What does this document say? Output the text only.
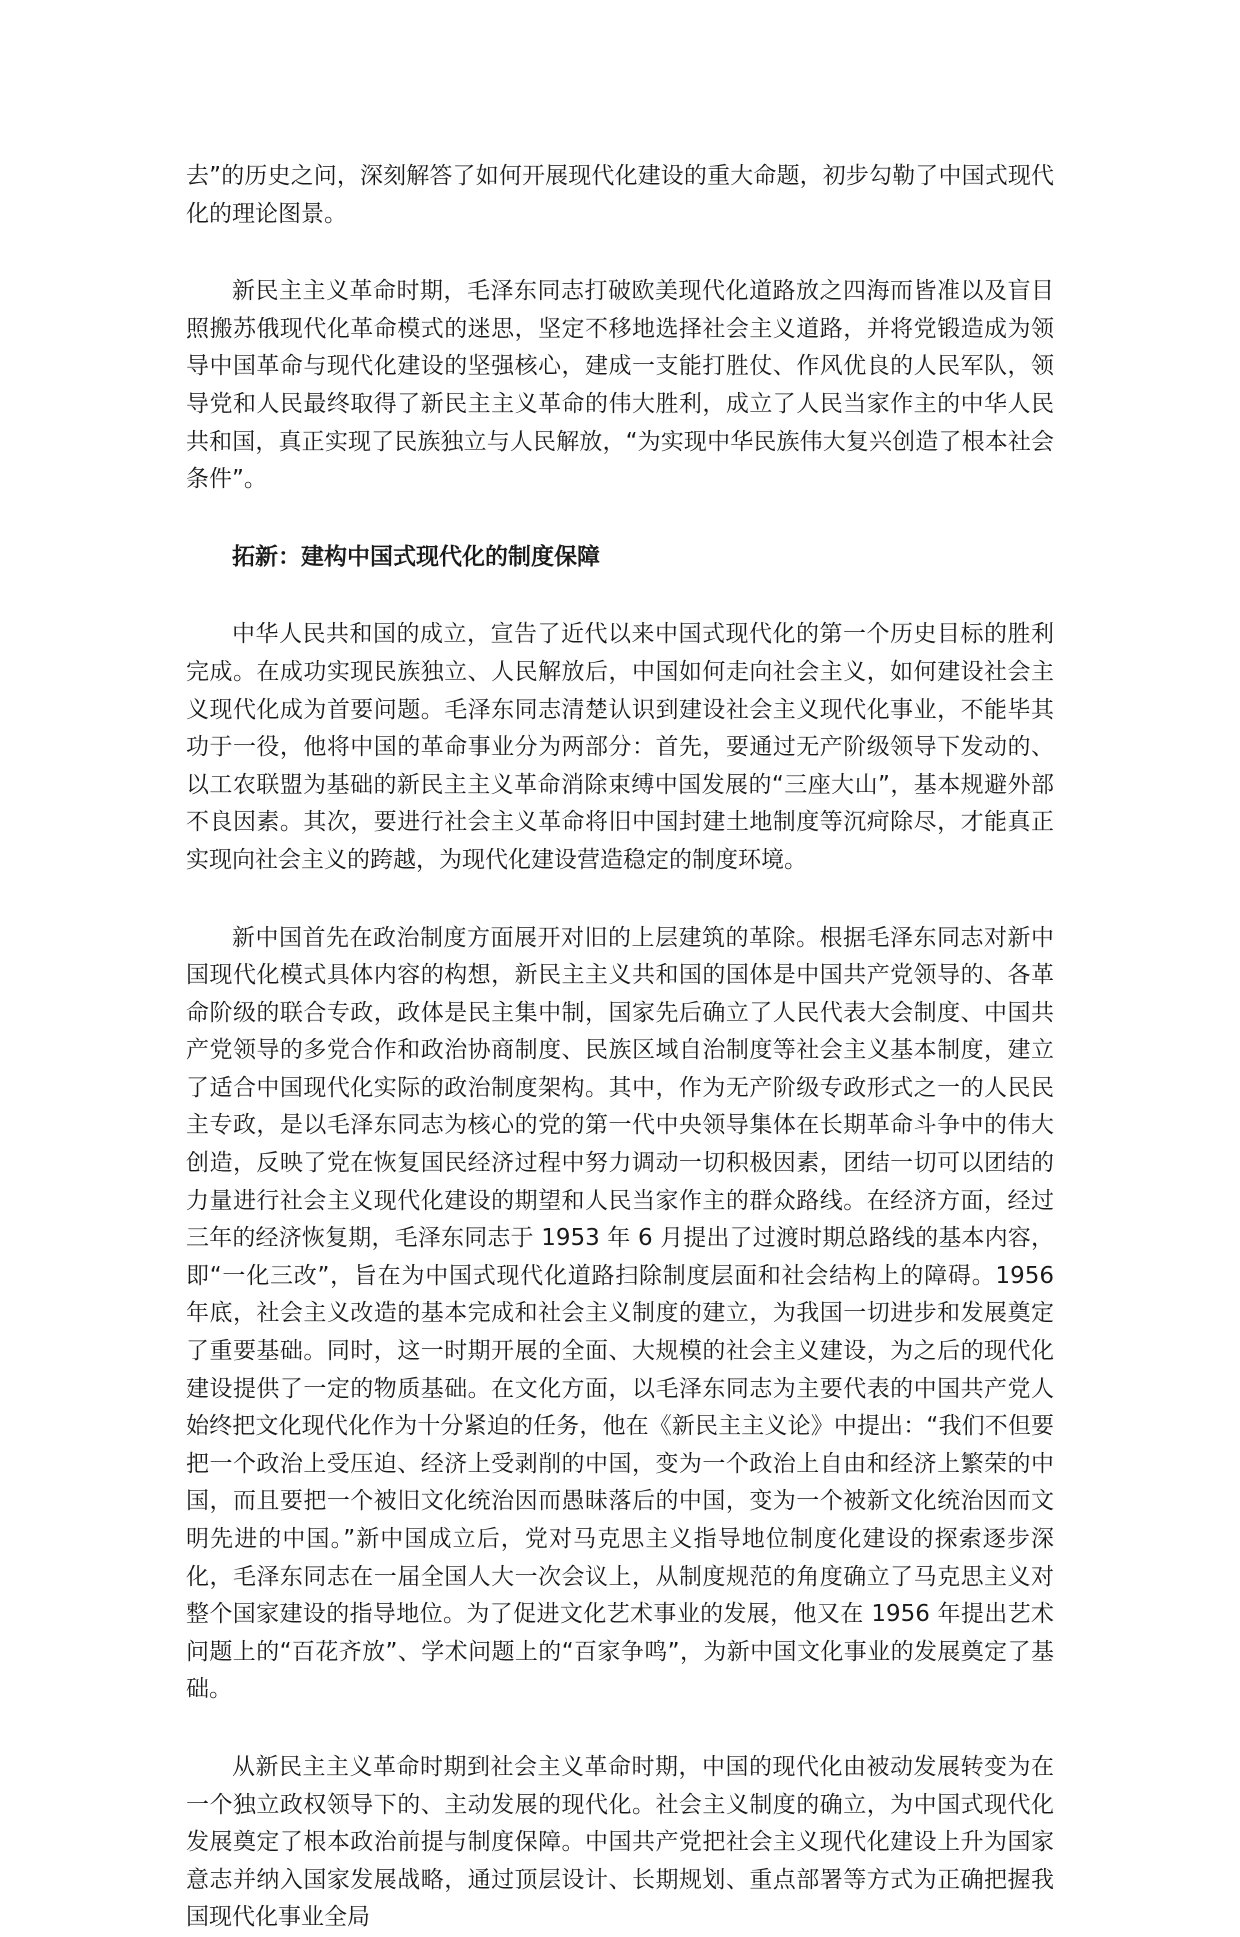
去”的历史之问，深刻解答了如何开展现代化建设的重大命题，初步勾勒了中国式现代化的理论图景。

新民主主义革命时期，毛泽东同志打破欧美现代化道路放之四海而皆准以及盲目照搬苏俄现代化革命模式的迷思，坚定不移地选择社会主义道路，并将党锻造成为领导中国革命与现代化建设的坚强核心，建成一支能打胜仗、作风优良的人民军队，领导党和人民最终取得了新民主主义革命的伟大胜利，成立了人民当家作主的中华人民共和国，真正实现了民族独立与人民解放，“为实现中华民族伟大复兴创造了根本社会条件”。

拓新：建构中国式现代化的制度保障

中华人民共和国的成立，宣告了近代以来中国式现代化的第一个历史目标的胜利完成。在成功实现民族独立、人民解放后，中国如何走向社会主义，如何建设社会主义现代化成为首要问题。毛泽东同志清楚认识到建设社会主义现代化事业，不能毕其功于一役，他将中国的革命事业分为两部分：首先，要通过无产阶级领导下发动的、以工农联盟为基础的新民主主义革命消除束缚中国发展的“三座大山”，基本规避外部不良因素。其次，要进行社会主义革命将旧中国封建土地制度等沉疴除尽，才能真正实现向社会主义的跨越，为现代化建设营造稳定的制度环境。

新中国首先在政治制度方面展开对旧的上层建筑的革除。根据毛泽东同志对新中国现代化模式具体内容的构想，新民主主义共和国的国体是中国共产党领导的、各革命阶级的联合专政，政体是民主集中制，国家先后确立了人民代表大会制度、中国共产党领导的多党合作和政治协商制度、民族区域自治制度等社会主义基本制度，建立了适合中国现代化实际的政治制度架构。其中，作为无产阶级专政形式之一的人民民主专政，是以毛泽东同志为核心的党的第一代中央领导集体在长期革命斗争中的伟大创造，反映了党在恢复国民经济过程中努力调动一切积极因素，团结一切可以团结的力量进行社会主义现代化建设的期望和人民当家作主的群众路线。在经济方面，经过三年的经济恢复期，毛泽东同志于 1953 年 6 月提出了过渡时期总路线的基本内容，即“一化三改”，旨在为中国式现代化道路扫除制度层面和社会结构上的障碍。1956 年底，社会主义改造的基本完成和社会主义制度的建立，为我国一切进步和发展奠定了重要基础。同时，这一时期开展的全面、大规模的社会主义建设，为之后的现代化建设提供了一定的物质基础。在文化方面，以毛泽东同志为主要代表的中国共产党人始终把文化现代化作为十分紧迫的任务，他在《新民主主义论》中提出：“我们不但要把一个政治上受压迫、经济上受剥削的中国，变为一个政治上自由和经济上繁荣的中国，而且要把一个被旧文化统治因而愚昧落后的中国，变为一个被新文化统治因而文明先进的中国。”新中国成立后，党对马克思主义指导地位制度化建设的探索逐步深化，毛泽东同志在一届全国人大一次会议上，从制度规范的角度确立了马克思主义对整个国家建设的指导地位。为了促进文化艺术事业的发展，他又在 1956 年提出艺术问题上的“百花齐放”、学术问题上的“百家争鸣”，为新中国文化事业的发展奠定了基础。

从新民主主义革命时期到社会主义革命时期，中国的现代化由被动发展转变为在一个独立政权领导下的、主动发展的现代化。社会主义制度的确立，为中国式现代化发展奠定了根本政治前提与制度保障。中国共产党把社会主义现代化建设上升为国家意志并纳入国家发展战略，通过顶层设计、长期规划、重点部署等方式为正确把握我国现代化事业全局
